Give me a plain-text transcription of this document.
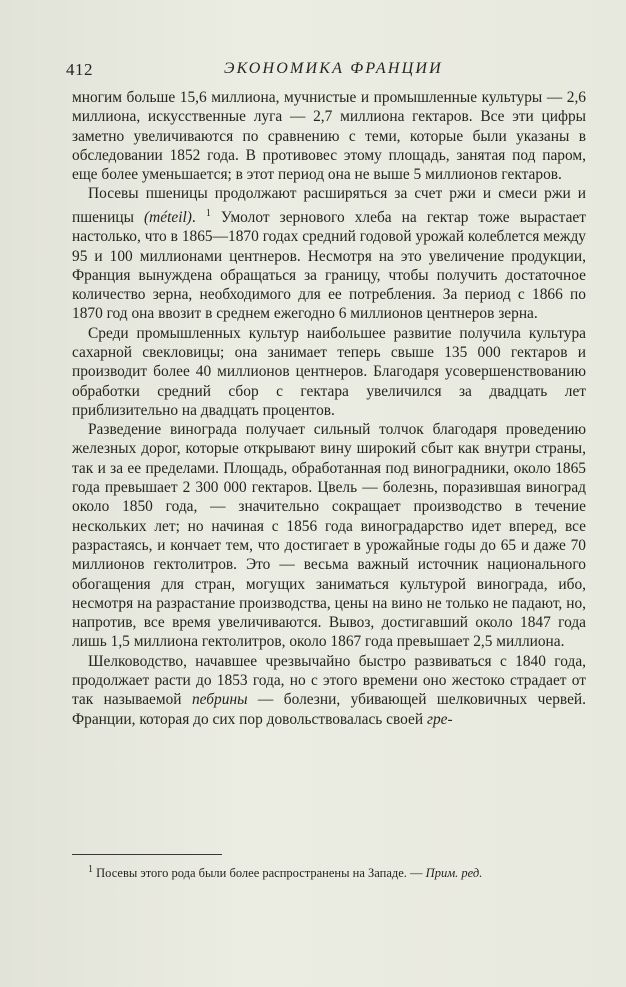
412	ЭКОНОМИКА ФРАНЦИИ

многим больше 15,6 миллиона, мучнистые и промышленные культуры — 2,6 миллиона, искусственные луга — 2,7 миллиона гектаров. Все эти цифры заметно увеличиваются по сравнению с теми, которые были указаны в обследовании 1852 года. В противовес этому площадь, занятая под паром, еще более уменьшается; в этот период она не выше 5 миллионов гектаров.

Посевы пшеницы продолжают расширяться за счет ржи и смеси ржи и пшеницы (méteil). $^1$ Умолот зернового хлеба на гектар тоже вырастает настолько, что в 1865—1870 годах средний годовой урожай колеблется между 95 и 100 миллионами центнеров. Несмотря на это увеличение продукции, Франция вынуждена обращаться за границу, чтобы получить достаточное количество зерна, необходимого для ее потребления. За период с 1866 по 1870 год она ввозит в среднем ежегодно 6 миллионов центнеров зерна.

Среди промышленных культур наибольшее развитие получила культура сахарной свекловицы; она занимает теперь свыше 135 000 гектаров и производит более 40 миллионов центнеров. Благодаря усовершенствованию обработки средний сбор с гектара увеличился за двадцать лет приблизительно на двадцать процентов.

Разведение винограда получает сильный толчок благодаря проведению железных дорог, которые открывают вину широкий сбыт как внутри страны, так и за ее пределами. Площадь, обработанная под виноградники, около 1865 года превышает 2 300 000 гектаров. Цвель — болезнь, поразившая виноград около 1850 года, — значительно сокращает производство в течение нескольких лет; но начиная с 1856 года виноградарство идет вперед, все разрастаясь, и кончает тем, что достигает в урожайные годы до 65 и даже 70 миллионов гектолитров. Это — весьма важный источник национального обогащения для стран, могущих заниматься культурой винограда, ибо, несмотря на разрастание производства, цены на вино не только не падают, но, напротив, все время увеличиваются. Вывоз, достигавший около 1847 года лишь 1,5 миллиона гектолитров, около 1867 года превышает 2,5 миллиона.

Шелководство, начавшее чрезвычайно быстро развиваться с 1840 года, продолжает расти до 1853 года, но с этого времени оно жестоко страдает от так называемой пебрины — болезни, убивающей шелковичных червей. Франции, которая до сих пор довольствовалась своей гре-

$^1$ Посевы этого рода были более распространены на Западе. — Прим. ред.
